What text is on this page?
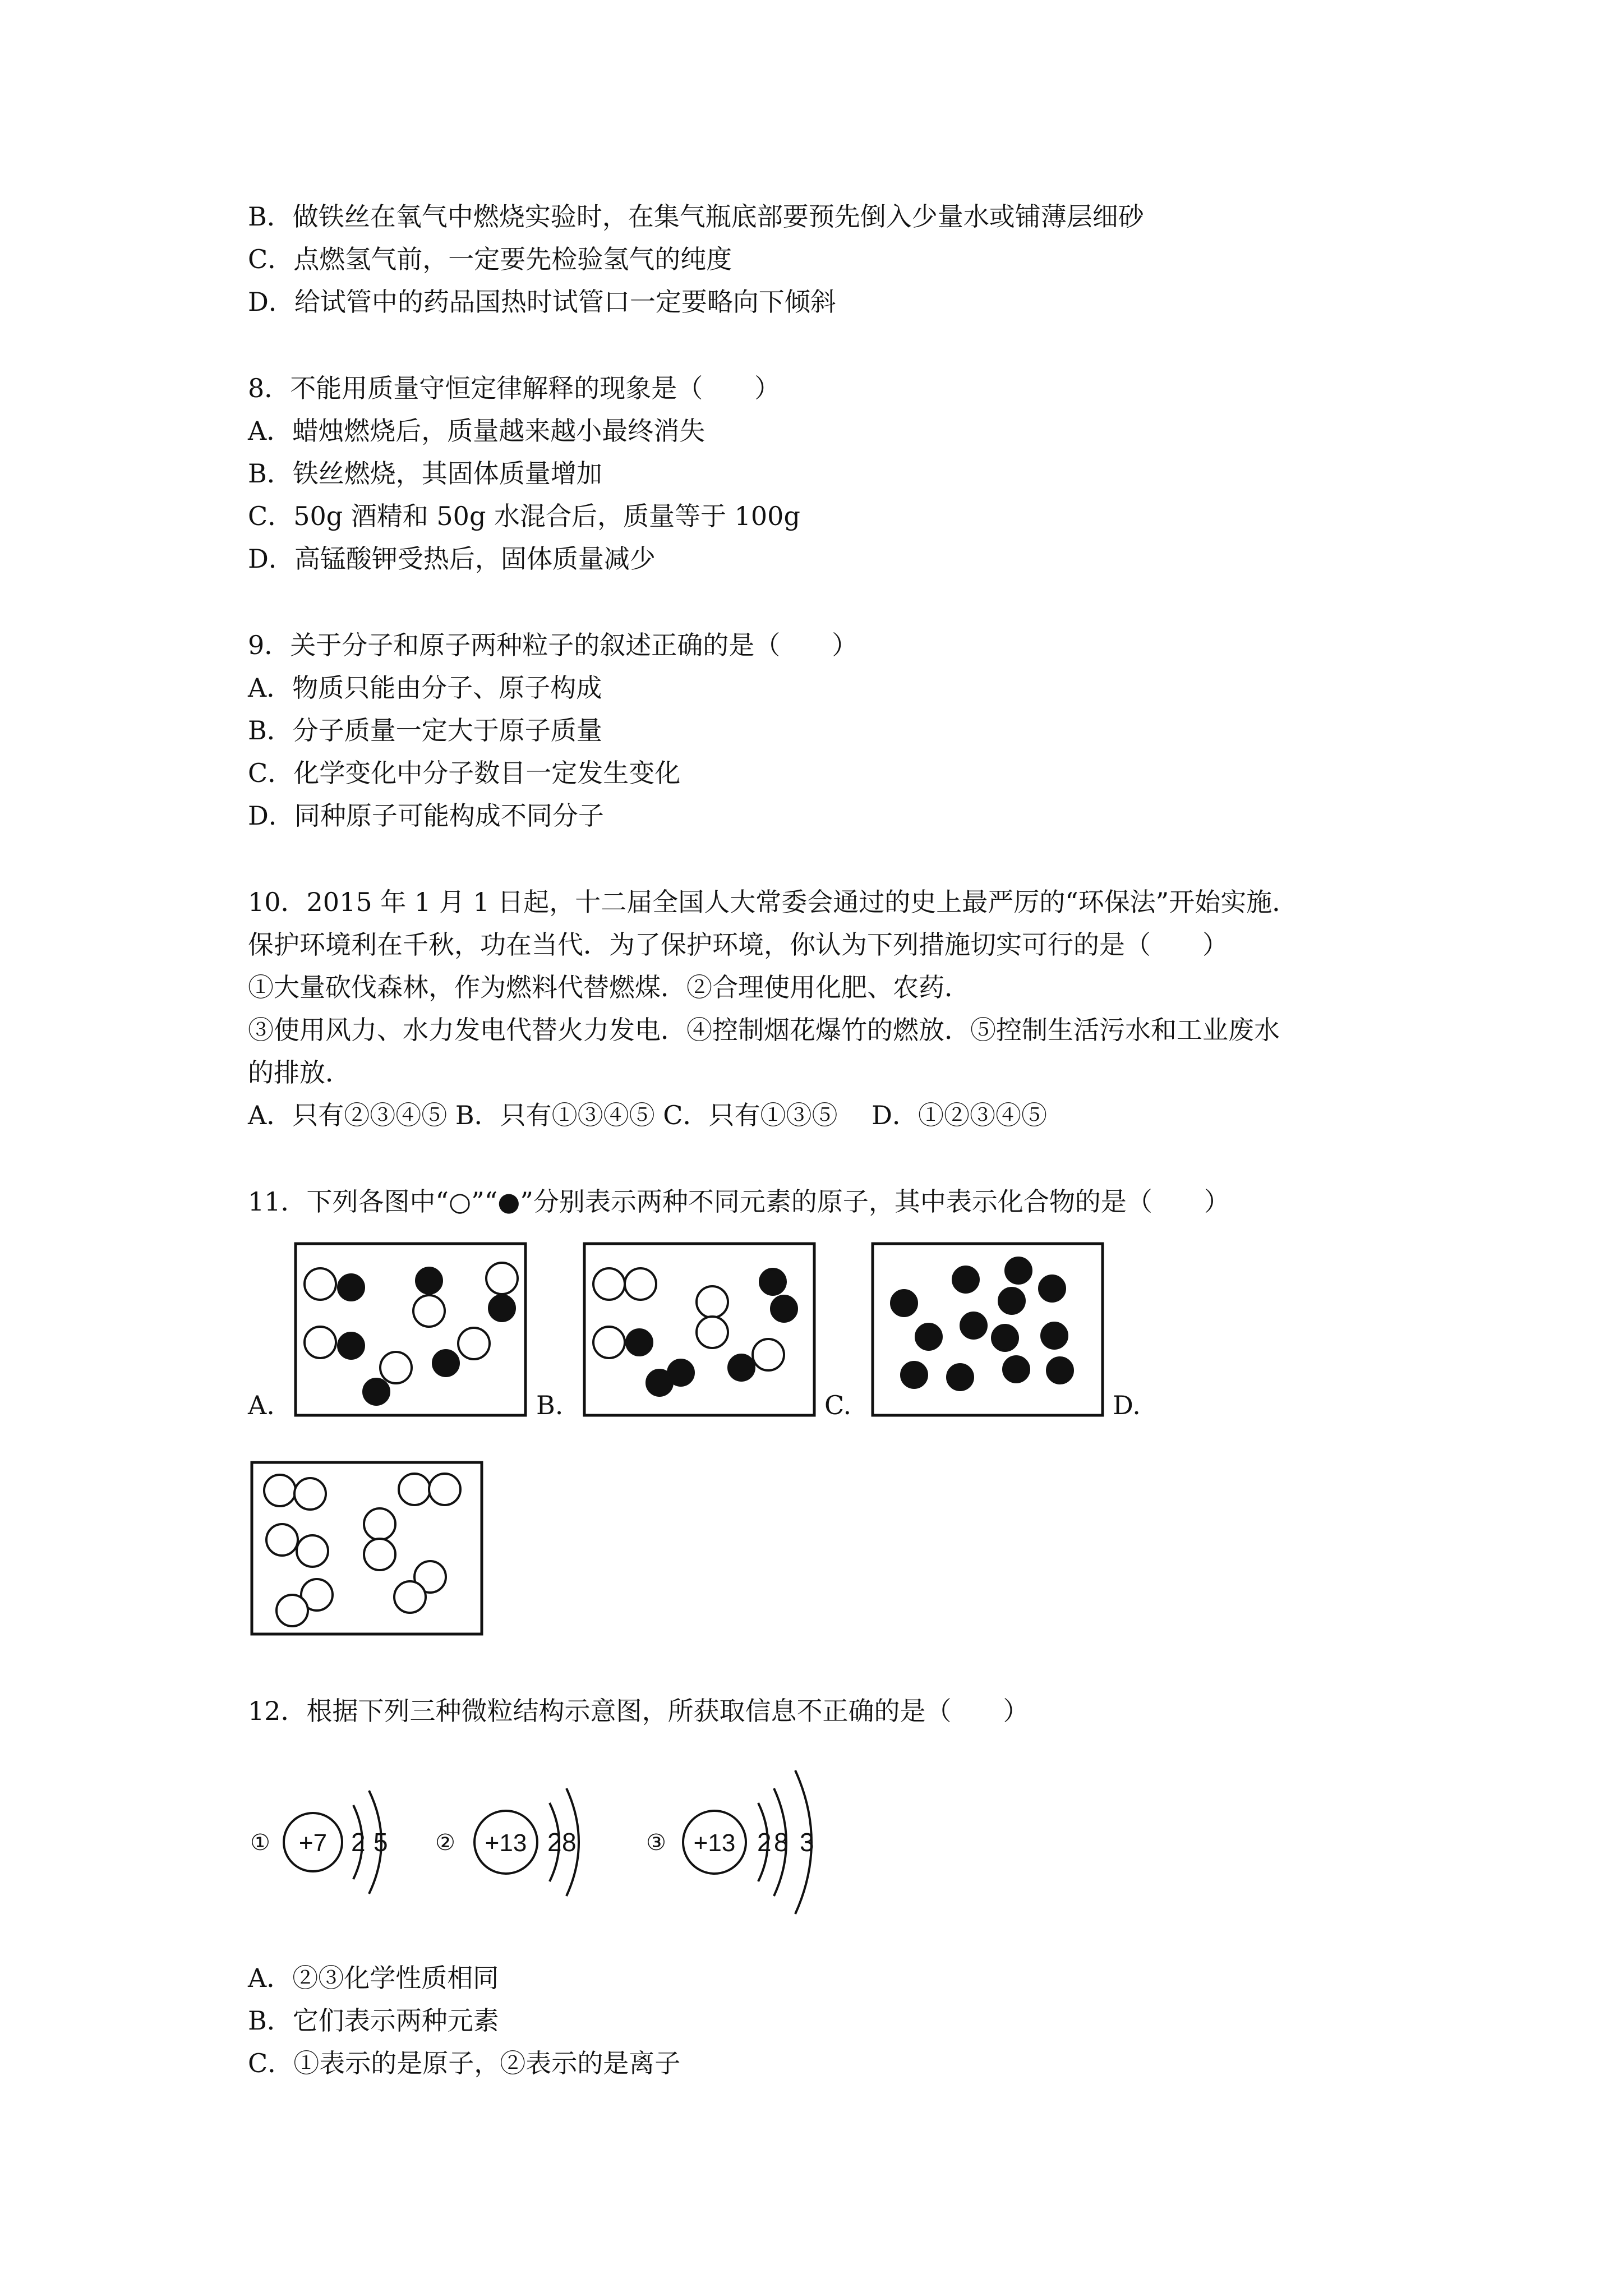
B．做铁丝在氧气中燃烧实验时，在集气瓶底部要预先倒入少量水或铺薄层细砂

C．点燃氢气前，一定要先检验氢气的纯度

D．给试管中的药品国热时试管口一定要略向下倾斜

8．不能用质量守恒定律解释的现象是（　　）

A．蜡烛燃烧后，质量越来越小最终消失

B．铁丝燃烧，其固体质量增加

C．50g 酒精和 50g 水混合后，质量等于 100g

D．高锰酸钾受热后，固体质量减少

9．关于分子和原子两种粒子的叙述正确的是（　　）

A．物质只能由分子、原子构成

B．分子质量一定大于原子质量

C．化学变化中分子数目一定发生变化

D．同种原子可能构成不同分子

10．2015 年 1 月 1 日起，十二届全国人大常委会通过的史上最严厉的“环保法”开始实施．

保护环境利在千秋，功在当代．为了保护环境，你认为下列措施切实可行的是（　　）

①大量砍伐森林，作为燃料代替燃煤．②合理使用化肥、农药．

③使用风力、水力发电代替火力发电．④控制烟花爆竹的燃放．⑤控制生活污水和工业废水

的排放．

A．只有②③④⑤ B．只有①③④⑤ C．只有①③⑤　 D．①②③④⑤

11．下列各图中“○”“●”分别表示两种不同元素的原子，其中表示化合物的是（　　）

A.	B.	C.	D.

12．根据下列三种微粒结构示意图，所获取信息不正确的是（　　）

① +7 2 5 ② +13 2 8	③ +13 2 8 3

A．②③化学性质相同

B．它们表示两种元素

C．①表示的是原子，②表示的是离子
